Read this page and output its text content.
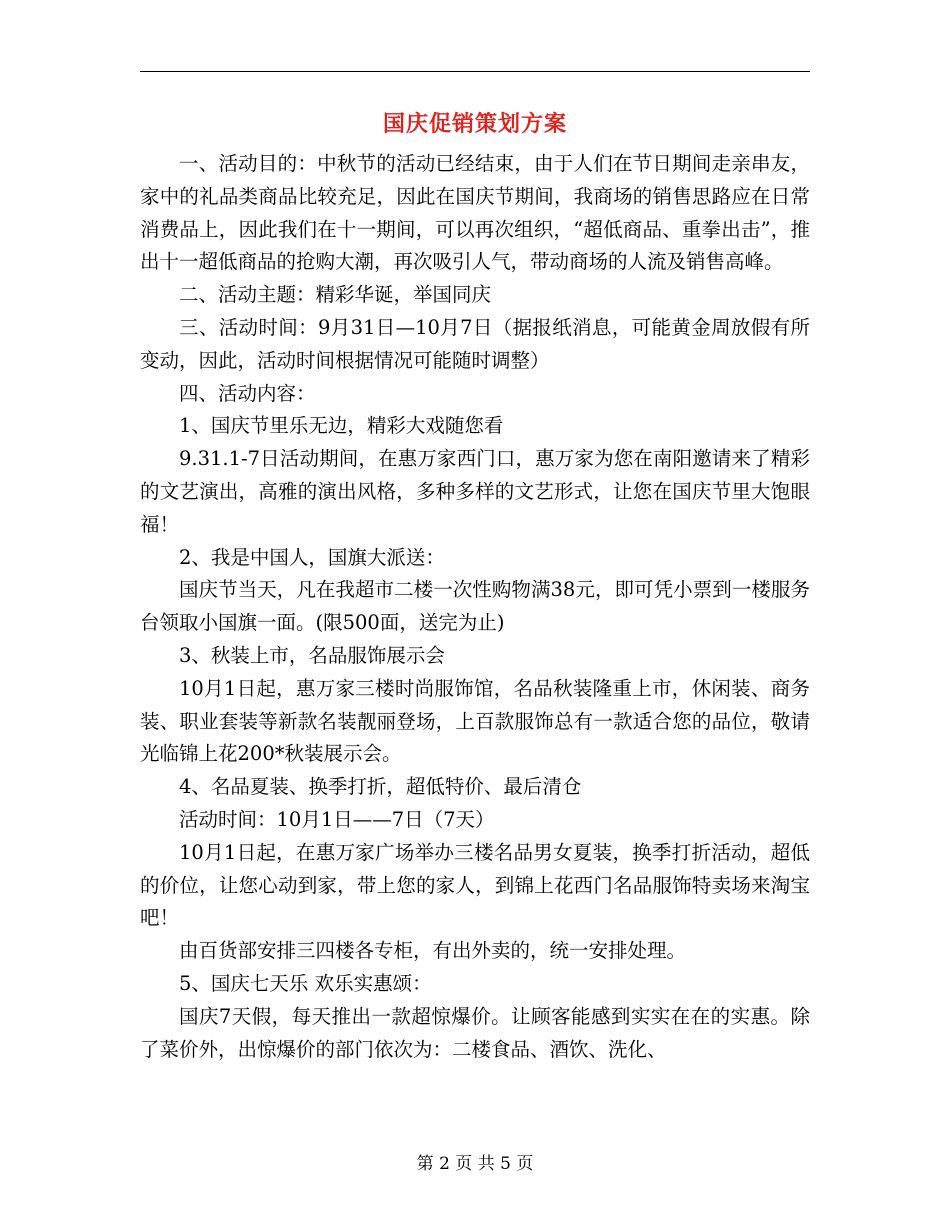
国庆促销策划方案

一、活动目的：中秋节的活动已经结束，由于人们在节日期间走亲串友，家中的礼品类商品比较充足，因此在国庆节期间，我商场的销售思路应在日常消费品上，因此我们在十一期间，可以再次组织，“超低商品、重拳出击”，推出十一超低商品的抢购大潮，再次吸引人气，带动商场的人流及销售高峰。

二、活动主题：精彩华诞，举国同庆

三、活动时间：9月31日—10月7日（据报纸消息，可能黄金周放假有所变动，因此，活动时间根据情况可能随时调整）

四、活动内容：

1、国庆节里乐无边，精彩大戏随您看

9.31.1-7日活动期间，在惠万家西门口，惠万家为您在南阳邀请来了精彩的文艺演出，高雅的演出风格，多种多样的文艺形式，让您在国庆节里大饱眼福！

2、我是中国人，国旗大派送：

国庆节当天，凡在我超市二楼一次性购物满38元，即可凭小票到一楼服务台领取小国旗一面。(限500面，送完为止)

3、秋装上市，名品服饰展示会

10月1日起，惠万家三楼时尚服饰馆，名品秋装隆重上市，休闲装、商务装、职业套装等新款名装靓丽登场，上百款服饰总有一款适合您的品位，敬请光临锦上花200*秋装展示会。

4、名品夏装、换季打折，超低特价、最后清仓

活动时间：10月1日——7日（7天）

10月1日起，在惠万家广场举办三楼名品男女夏装，换季打折活动，超低的价位，让您心动到家，带上您的家人，到锦上花西门名品服饰特卖场来淘宝吧！

由百货部安排三四楼各专柜，有出外卖的，统一安排处理。

5、国庆七天乐 欢乐实惠颂：

国庆7天假，每天推出一款超惊爆价。让顾客能感到实实在在的实惠。除了菜价外，出惊爆价的部门依次为：二楼食品、酒饮、洗化、

第 2 页 共 5 页
